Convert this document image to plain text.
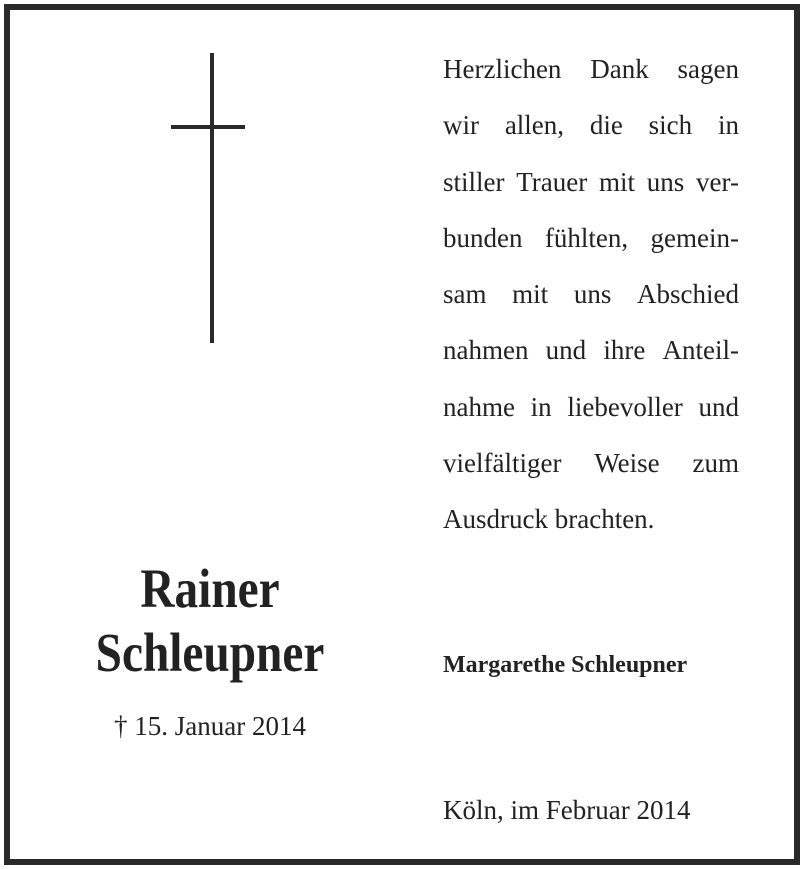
Herzlichen Dank sagen
wir allen, die sich in
stiller Trauer mit uns ver-
bunden fühlten, gemein-
sam mit uns Abschied
nahmen und ihre Anteil-
nahme in liebevoller und
vielfältiger Weise zum
Ausdruck brachten.
Rainer
Schleupner
† 15. Januar 2014
Margarethe Schleupner
Köln, im Februar 2014
